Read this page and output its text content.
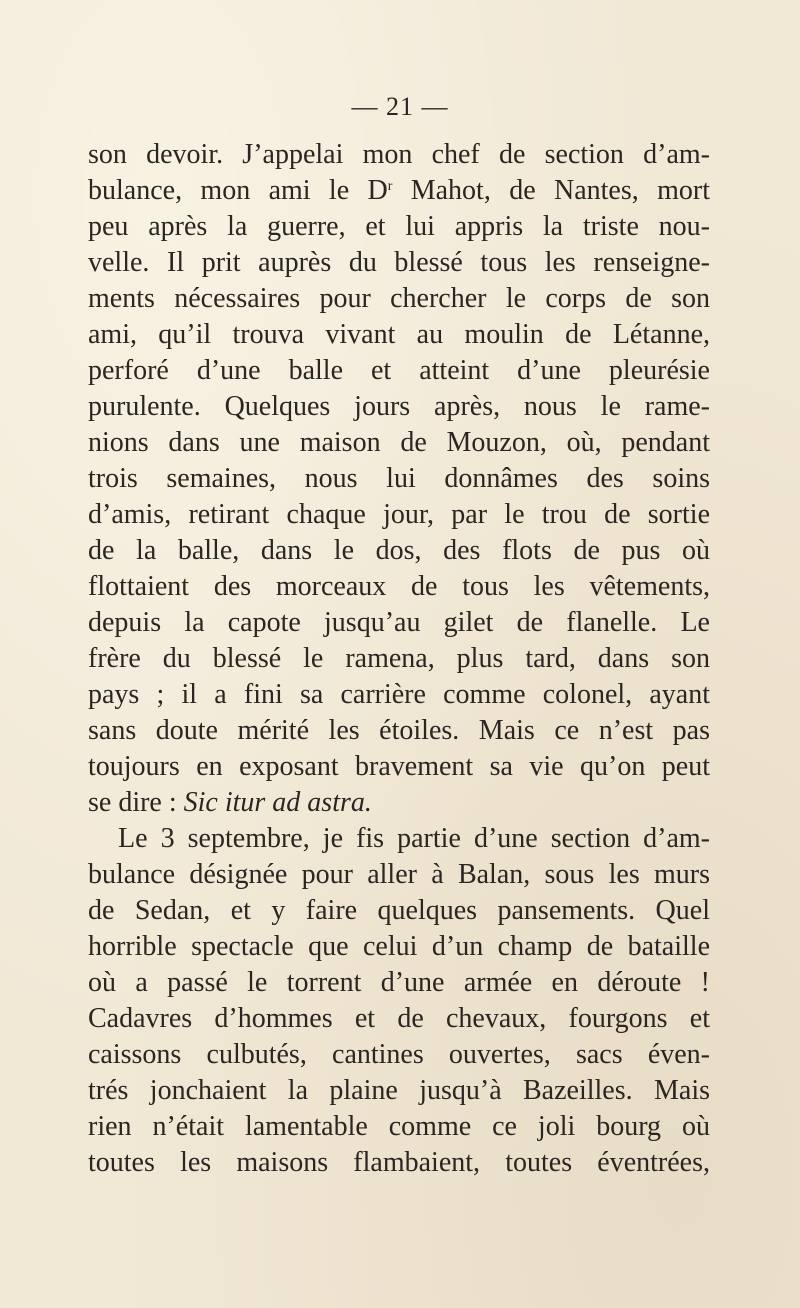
— 21 —
son devoir. J’appelai mon chef de section d’am-
bulance, mon ami le $D^r$ Mahot, de Nantes, mort
peu après la guerre, et lui appris la triste nou-
velle. Il prit auprès du blessé tous les renseigne-
ments nécessaires pour chercher le corps de son
ami, qu’il trouva vivant au moulin de Létanne,
perforé d’une balle et atteint d’une pleurésie
purulente. Quelques jours après, nous le rame-
nions dans une maison de Mouzon, où, pendant
trois semaines, nous lui donnâmes des soins
d’amis, retirant chaque jour, par le trou de sortie
de la balle, dans le dos, des flots de pus où
flottaient des morceaux de tous les vêtements,
depuis la capote jusqu’au gilet de flanelle. Le
frère du blessé le ramena, plus tard, dans son
pays ; il a fini sa carrière comme colonel, ayant
sans doute mérité les étoiles. Mais ce n’est pas
toujours en exposant bravement sa vie qu’on peut
se dire : Sic itur ad astra.
Le 3 septembre, je fis partie d’une section d’am-
bulance désignée pour aller à Balan, sous les murs
de Sedan, et y faire quelques pansements. Quel
horrible spectacle que celui d’un champ de bataille
où a passé le torrent d’une armée en déroute !
Cadavres d’hommes et de chevaux, fourgons et
caissons culbutés, cantines ouvertes, sacs éven-
trés jonchaient la plaine jusqu’à Bazeilles. Mais
rien n’était lamentable comme ce joli bourg où
toutes les maisons flambaient, toutes éventrées,
